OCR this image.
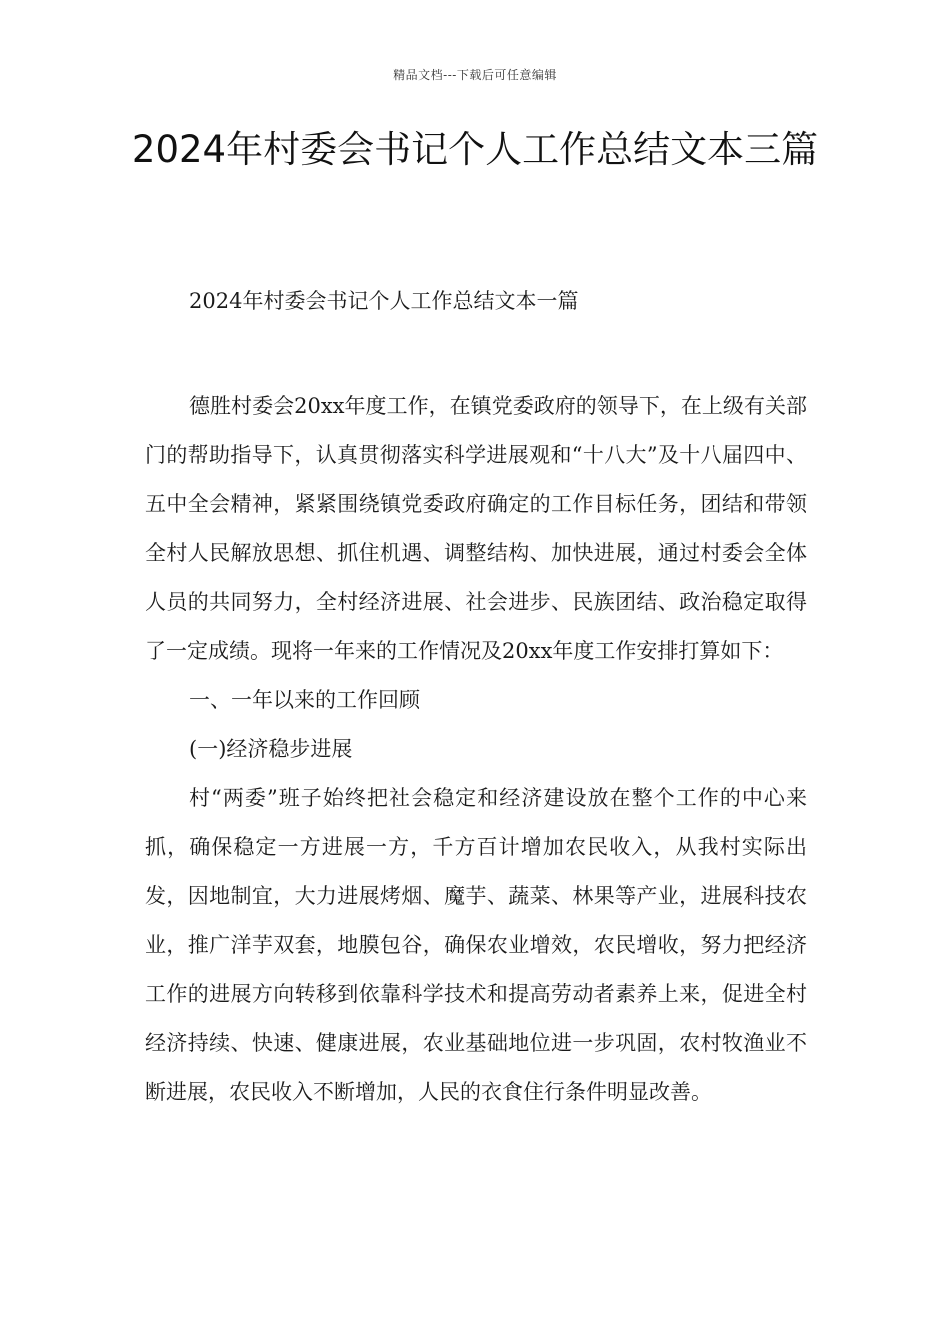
精品文档---下载后可任意编辑
2024年村委会书记个人工作总结文本三篇
2024年村委会书记个人工作总结文本一篇

德胜村委会20xx年度工作，在镇党委政府的领导下，在上级有关部门的帮助指导下，认真贯彻落实科学进展观和“十八大”及十八届四中、五中全会精神，紧紧围绕镇党委政府确定的工作目标任务，团结和带领全村人民解放思想、抓住机遇、调整结构、加快进展，通过村委会全体人员的共同努力，全村经济进展、社会进步、民族团结、政治稳定取得了一定成绩。现将一年来的工作情况及20xx年度工作安排打算如下：

一、一年以来的工作回顾

(一)经济稳步进展

村“两委”班子始终把社会稳定和经济建设放在整个工作的中心来抓，确保稳定一方进展一方，千方百计增加农民收入，从我村实际出发，因地制宜，大力进展烤烟、魔芋、蔬菜、林果等产业，进展科技农业，推广洋芋双套，地膜包谷，确保农业增效，农民增收，努力把经济工作的进展方向转移到依靠科学技术和提高劳动者素养上来，促进全村经济持续、快速、健康进展，农业基础地位进一步巩固，农村牧渔业不断进展，农民收入不断增加，人民的衣食住行条件明显改善。
